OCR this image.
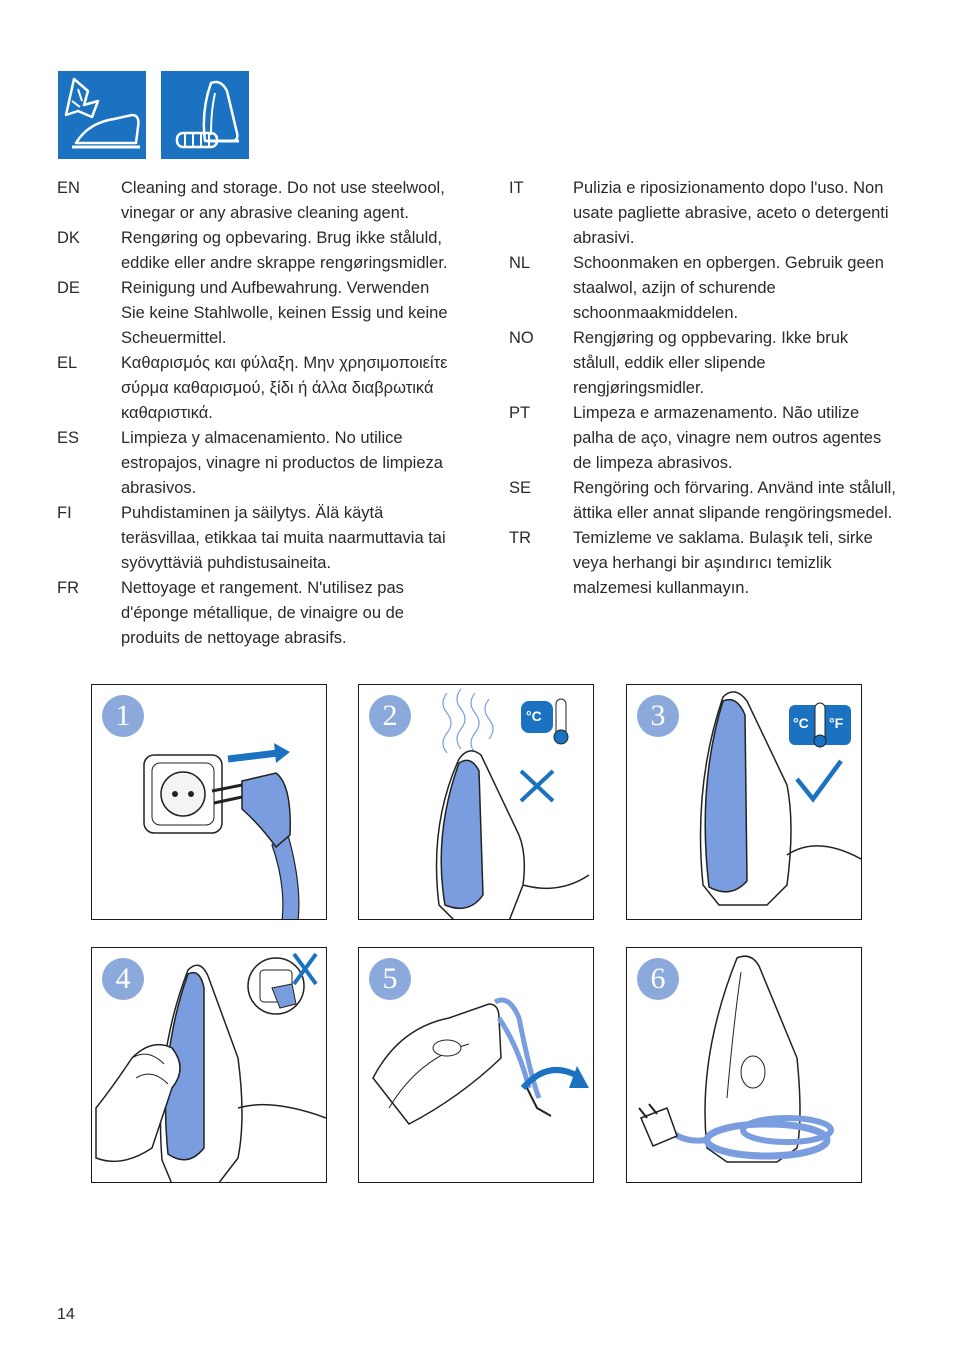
EN	Cleaning and storage. Do not use steelwool, vinegar or any abrasive cleaning agent.
DK	Rengøring og opbevaring. Brug ikke ståluld, eddike eller andre skrappe rengøringsmidler.
DE	Reinigung und Aufbewahrung. Verwenden Sie keine Stahlwolle, keinen Essig und keine Scheuermittel.
EL	Καθαρισμός και φύλαξη. Μην χρησιμοποιείτε σύρμα καθαρισμού, ξίδι ή άλλα διαβρωτικά καθαριστικά.
ES	Limpieza y almacenamiento. No utilice estropajos, vinagre ni productos de limpieza abrasivos.
FI	Puhdistaminen ja säilytys. Älä käytä teräsvillaa, etikkaa tai muita naarmuttavia tai syövyttäviä puhdistusaineita.
FR	Nettoyage et rangement. N'utilisez pas d'éponge métallique, de vinaigre ou de produits de nettoyage abrasifs.
IT	Pulizia e riposizionamento dopo l'uso. Non usate pagliette abrasive, aceto o detergenti abrasivi.
NL	Schoonmaken en opbergen. Gebruik geen staalwol, azijn of schurende schoonmaakmiddelen.
NO	Rengjøring og oppbevaring. Ikke bruk stålull, eddik eller slipende rengjøringsmidler.
PT	Limpeza e armazenamento. Não utilize palha de aço, vinagre nem outros agentes de limpeza abrasivos.
SE	Rengöring och förvaring. Använd inte stålull, ättika eller annat slipande rengöringsmedel.
TR	Temizleme ve saklama. Bulaşık teli, sirke veya herhangi bir aşındırıcı temizlik malzemesi kullanmayın.
1	2	°C	3	°C °F
4	5	6
14
